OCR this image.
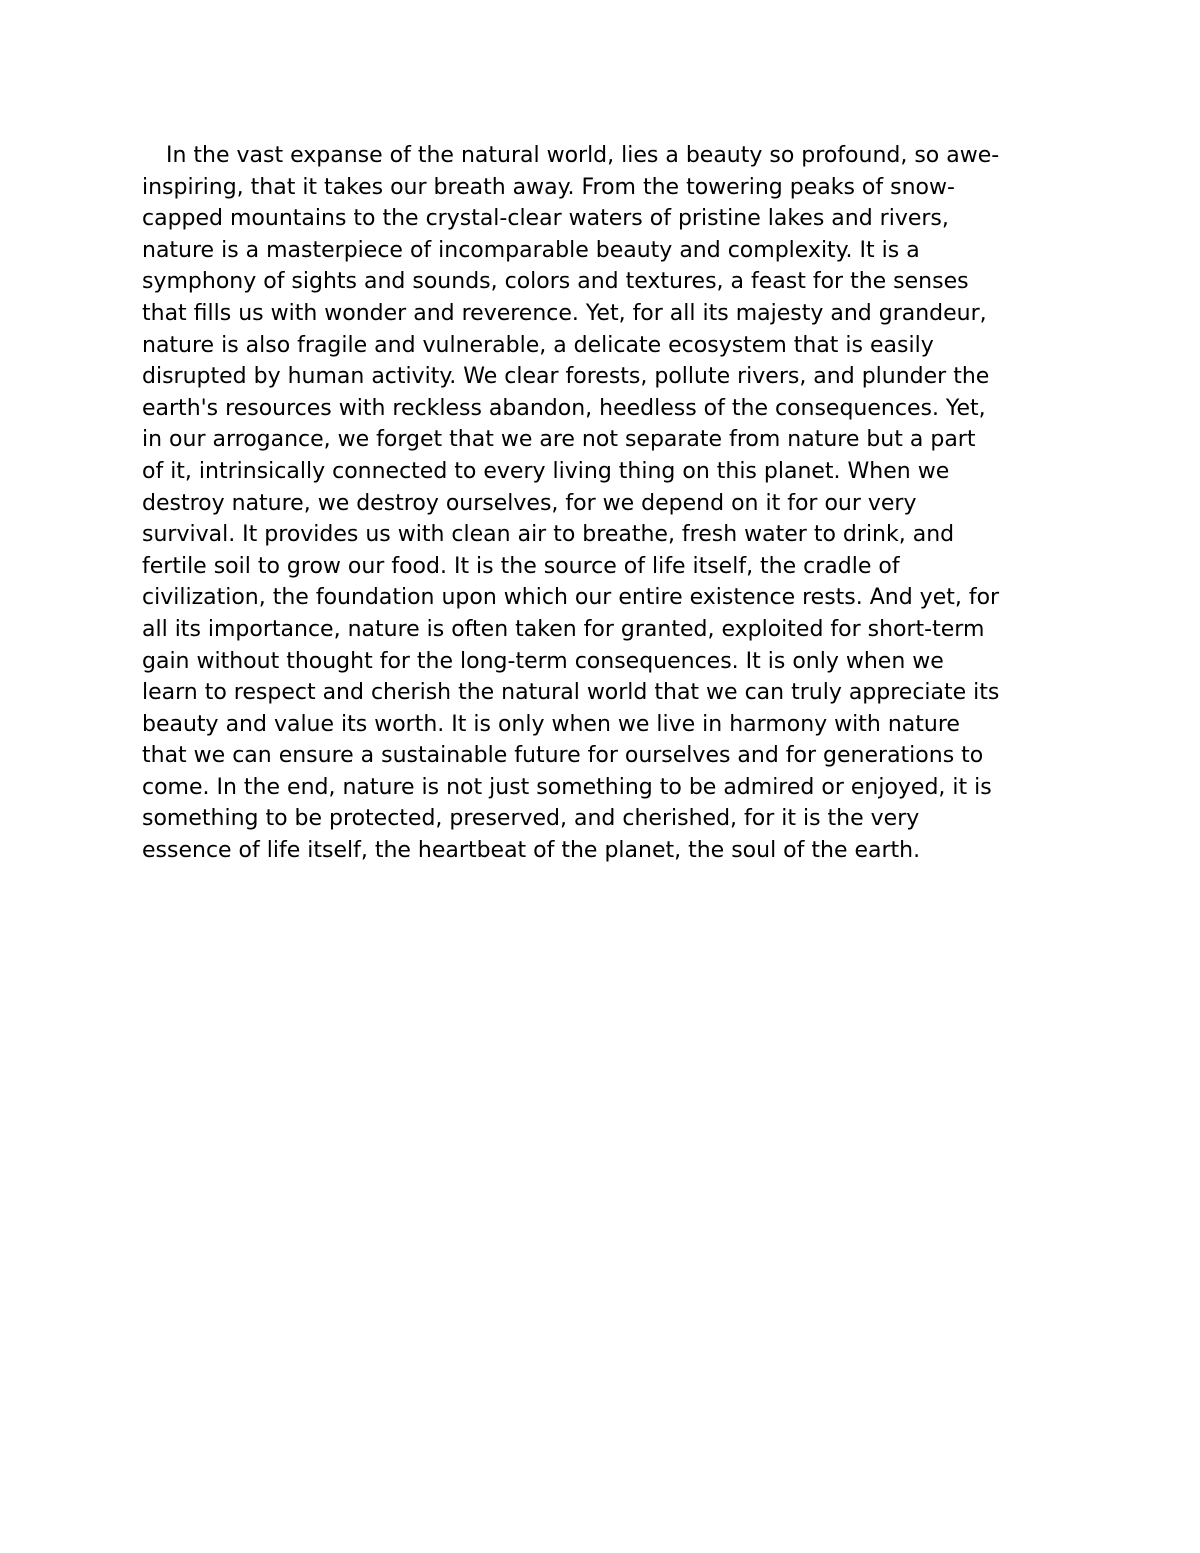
In the vast expanse of the natural world, lies a beauty so profound, so awe-
inspiring, that it takes our breath away. From the towering peaks of snow-
capped mountains to the crystal-clear waters of pristine lakes and rivers,
nature is a masterpiece of incomparable beauty and complexity. It is a
symphony of sights and sounds, colors and textures, a feast for the senses
that fills us with wonder and reverence. Yet, for all its majesty and grandeur,
nature is also fragile and vulnerable, a delicate ecosystem that is easily
disrupted by human activity. We clear forests, pollute rivers, and plunder the
earth's resources with reckless abandon, heedless of the consequences. Yet,
in our arrogance, we forget that we are not separate from nature but a part
of it, intrinsically connected to every living thing on this planet. When we
destroy nature, we destroy ourselves, for we depend on it for our very
survival. It provides us with clean air to breathe, fresh water to drink, and
fertile soil to grow our food. It is the source of life itself, the cradle of
civilization, the foundation upon which our entire existence rests. And yet, for
all its importance, nature is often taken for granted, exploited for short-term
gain without thought for the long-term consequences. It is only when we
learn to respect and cherish the natural world that we can truly appreciate its
beauty and value its worth. It is only when we live in harmony with nature
that we can ensure a sustainable future for ourselves and for generations to
come. In the end, nature is not just something to be admired or enjoyed, it is
something to be protected, preserved, and cherished, for it is the very
essence of life itself, the heartbeat of the planet, the soul of the earth.
